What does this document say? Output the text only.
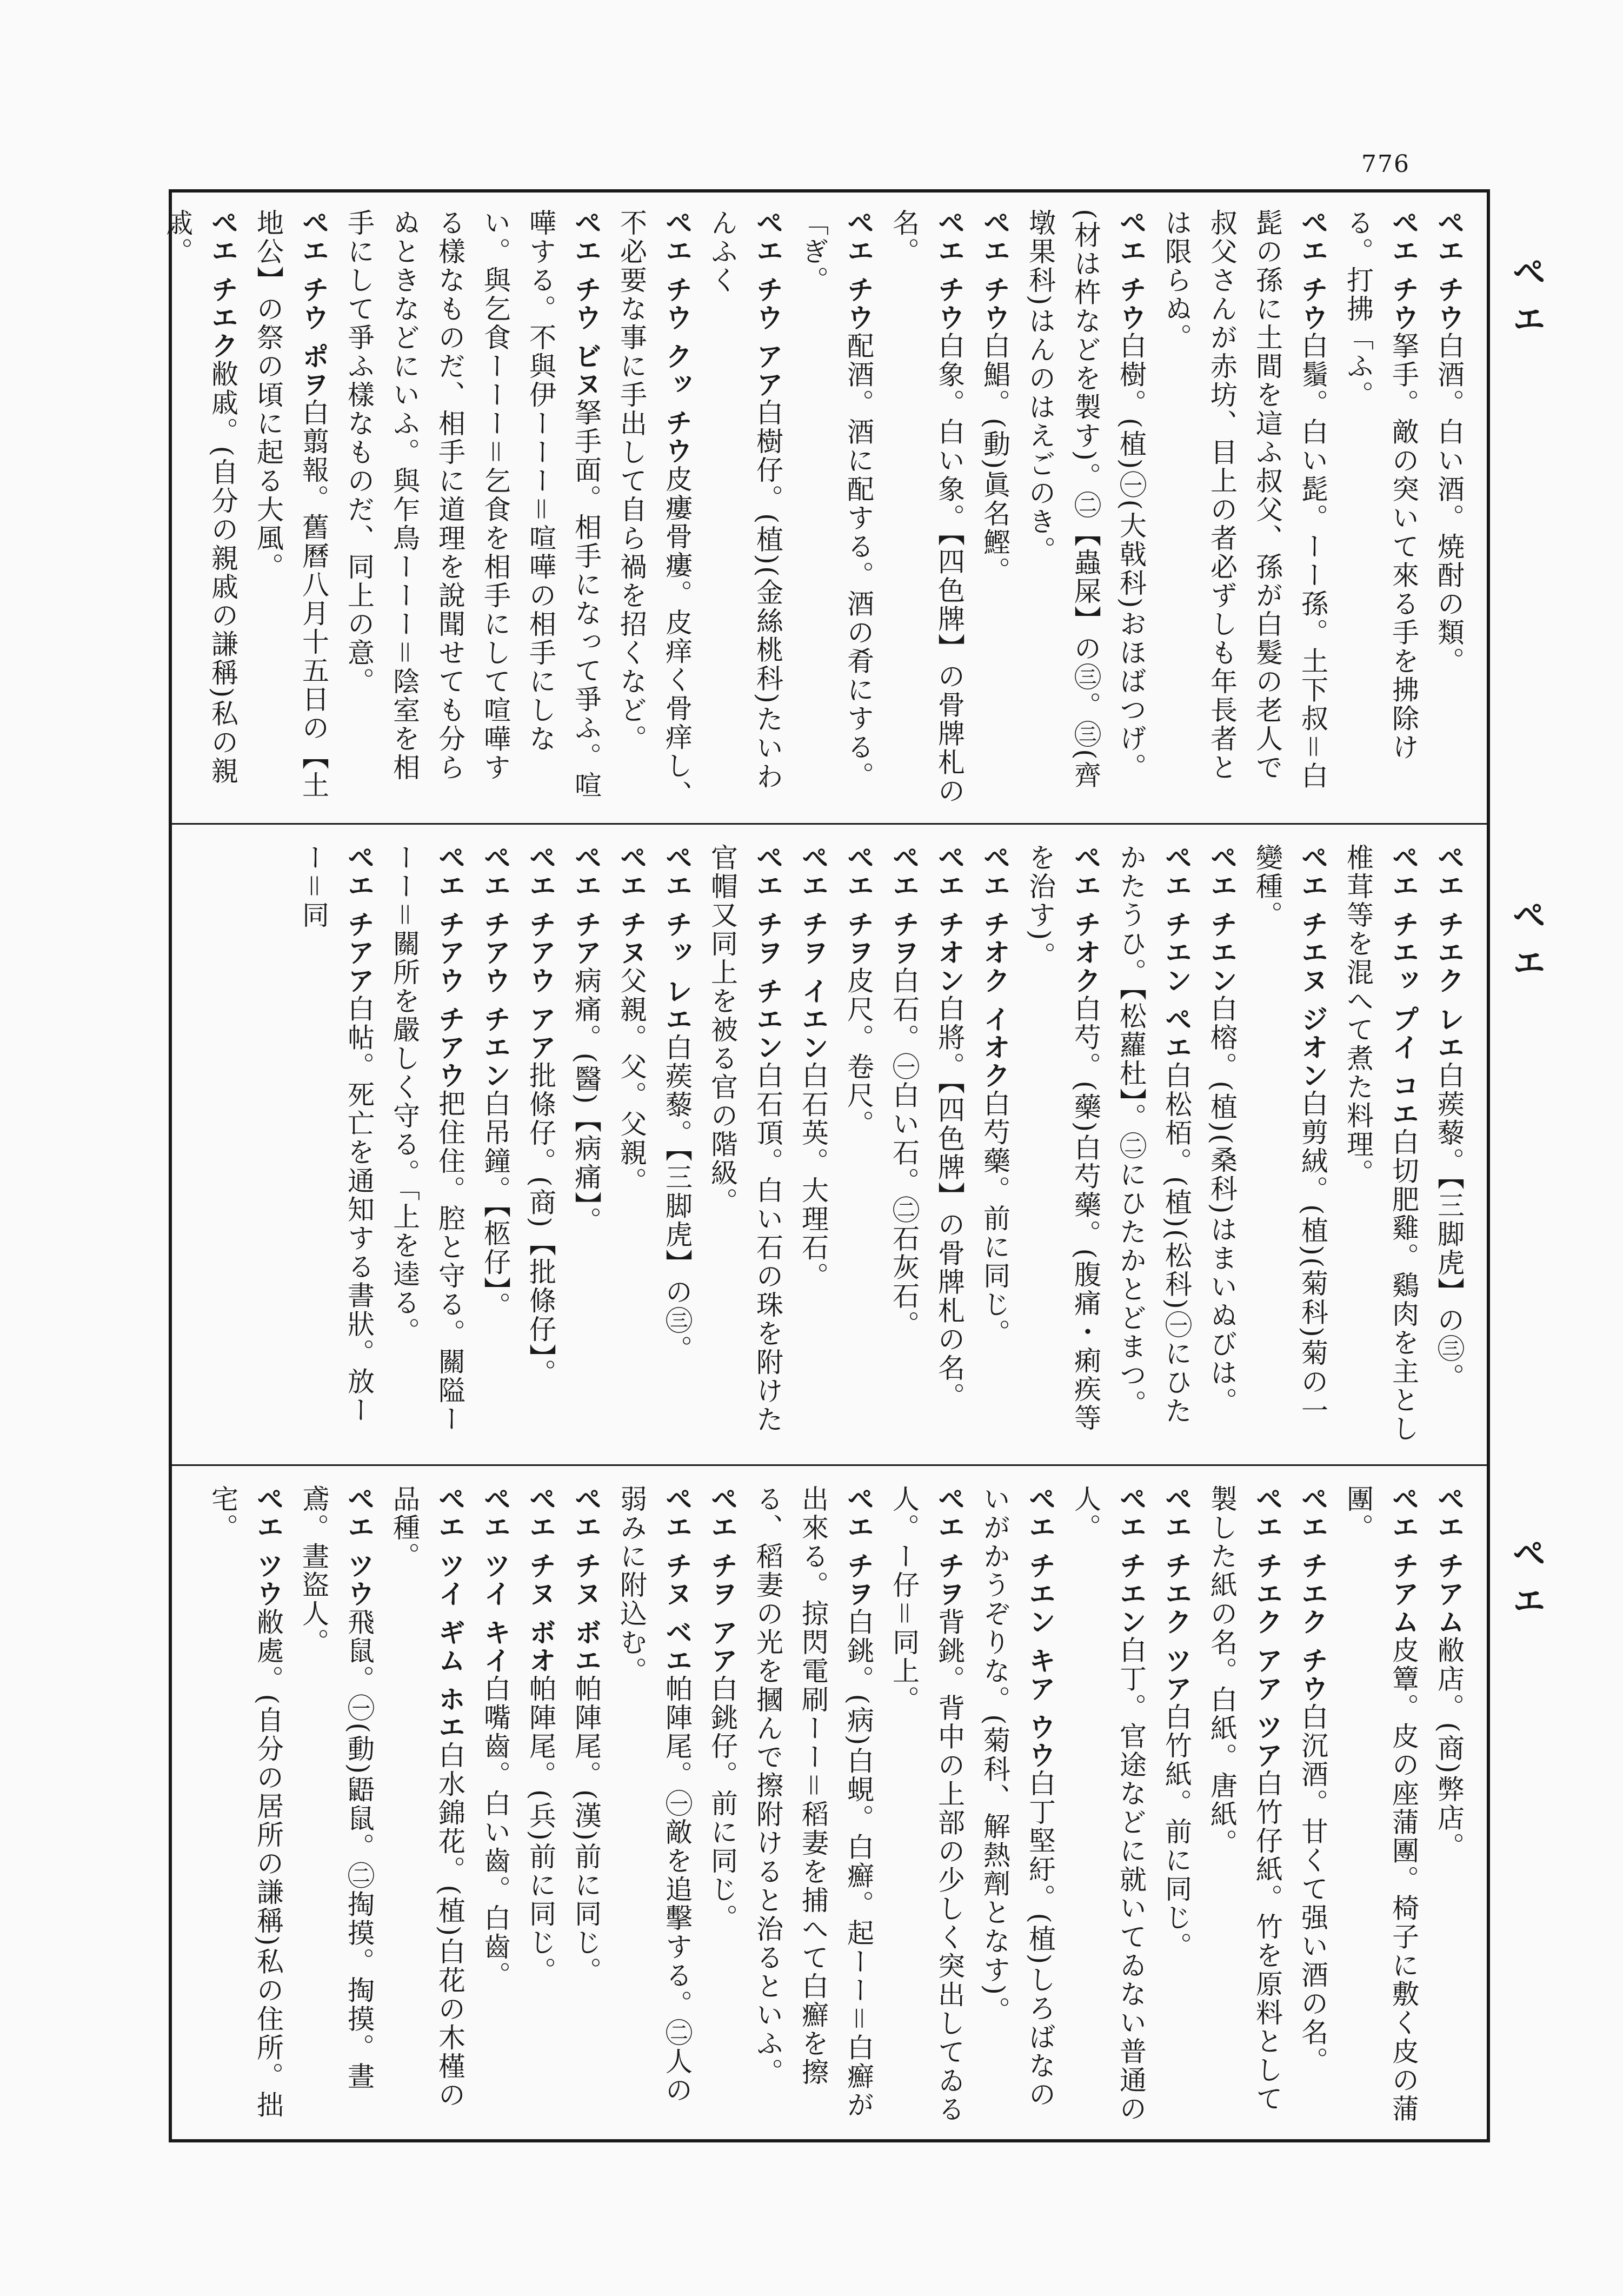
776
ぺエ
ぺエ
ぺエ
ぺエ チウ白酒。白い酒。焼酎の類。
ぺエ チウ拏手。敵の突いて來る手を拂除ける。打拂「ふ。
ぺエ チウ白鬚。白い髭。ーー孫。土下叔＝白髭の孫に土間を這ふ叔父、孫が白髮の老人で叔父さんが赤坊、目上の者必ずしも年長者とは限らぬ。
ぺエ チウ白樹。(植)㊀(大戟科)おほばつげ。(材は杵などを製す)。㊁【蟲屎】の㊂。㊂(齊墩果科)はんのはえごのき。
ぺエ チウ白鯧。(動)眞名鰹。
ぺエ チウ白象。白い象。【四色牌】の骨牌札の名。
ぺエ チウ配酒。酒に配する。酒の肴にする。「ぎ。
ぺエ チウ アア白樹仔。(植)(金絲桃科)たいわんふく
ぺエ チウ クッ チウ皮瘻骨瘻。皮痒く骨痒し、不必要な事に手出して自ら禍を招くなど。
ぺエ チウ ビヌ拏手面。相手になって爭ふ。喧嘩する。不與伊ーーー＝喧嘩の相手にしない。與乞食ーーー＝乞食を相手にして喧嘩する樣なものだ、相手に道理を說聞せても分らぬときなどにいふ。與乍鳥ーーー＝陰室を相手にして爭ふ樣なものだ、同上の意。
ぺエ チウ ポヲ白翦報。舊曆八月十五日の【土地公】の祭の頃に起る大風。
ぺエ チエク敝戚。(自分の親戚の謙稱)私の親戚。
ぺエ チエク レエ白蒺藜。【三脚虎】の㊂。
ぺエ チエッ プイ コエ白切肥雞。鷄肉を主とし椎茸等を混へて煮た料理。
ぺエ チエヌ ジオン白剪絨。(植)(菊科)菊の一變種。
ぺエ チエン白榕。(植)(桑科)はまいぬびは。
ぺエ チエン ぺエ白松栢。(植)(松科)㊀にひたかたうひ。【松蘿杜】。㊁にひたかとどまつ。
ぺエ チオク白芍。(藥)白芍藥。(腹痛・痢疾等を治す)。
ぺエ チオク イオク白芍藥。前に同じ。
ぺエ チオン白將。【四色牌】の骨牌札の名。
ぺエ チヲ白石。㊀白い石。㊁石灰石。
ぺエ チヲ皮尺。卷尺。
ぺエ チヲ イエン白石英。大理石。
ぺエ チヲ チエン白石頂。白い石の珠を附けた官帽又同上を被る官の階級。
ぺエ チッ レエ白蒺藜。【三脚虎】の㊂。
ぺエ チヌ父親。父。父親。
ぺエ チア病痛。(醫)【病痛】。
ぺエ チアウ アア批條仔。(商)【批條仔】。
ぺエ チアウ チエン白吊鐘。【柩仔】。
ぺエ チアウ チアウ把住住。腔と守る。關隘ーーー＝關所を嚴しく守る。「上を逵る。
ぺエ チアア白帖。死亡を通知する書狀。放ーー＝同
ぺエ チアム敝店。(商)弊店。
ぺエ チアム皮簟。皮の座蒲團。椅子に敷く皮の蒲團。
ぺエ チエク チウ白沉酒。甘くて强い酒の名。
ぺエ チエク アア ツア白竹仔紙。竹を原料として製した紙の名。白紙。唐紙。
ぺエ チエク ツア白竹紙。前に同じ。
ぺエ チエン白丁。官途などに就いてゐない普通の人。
ぺエ チエン キア ウウ白丁堅紆。(植)しろばなのいがかうぞりな。(菊科、解熱劑となす)。
ぺエ チヲ背銚。背中の上部の少しく突出してゐる人。ー仔＝同上。
ぺエ チヲ白銚。(病)白蜆。白癬。起ーー＝白癬が出來る。掠閃電刷ーー＝稻妻を捕へて白癬を擦る、稻妻の光を摑んで擦附けると治るといふ。
ぺエ チヲ アア白銚仔。前に同じ。
ぺエ チヌ ベエ帕陣尾。㊀敵を追擊する。㊁人の弱みに附込む。
ぺエ チヌ ボエ帕陣尾。(漢)前に同じ。
ぺエ チヌ ボオ帕陣尾。(兵)前に同じ。
ぺエ ツイ キイ白嘴齒。白い齒。白齒。
ぺエ ツイ ギム ホエ白水錦花。(植)白花の木槿の品種。
ぺエ ツウ飛鼠。㊀(動)鼯鼠。㊁掏摸。掏摸。晝鳶。晝盜人。
ぺエ ツウ敝處。(自分の居所の謙稱)私の住所。拙宅。
